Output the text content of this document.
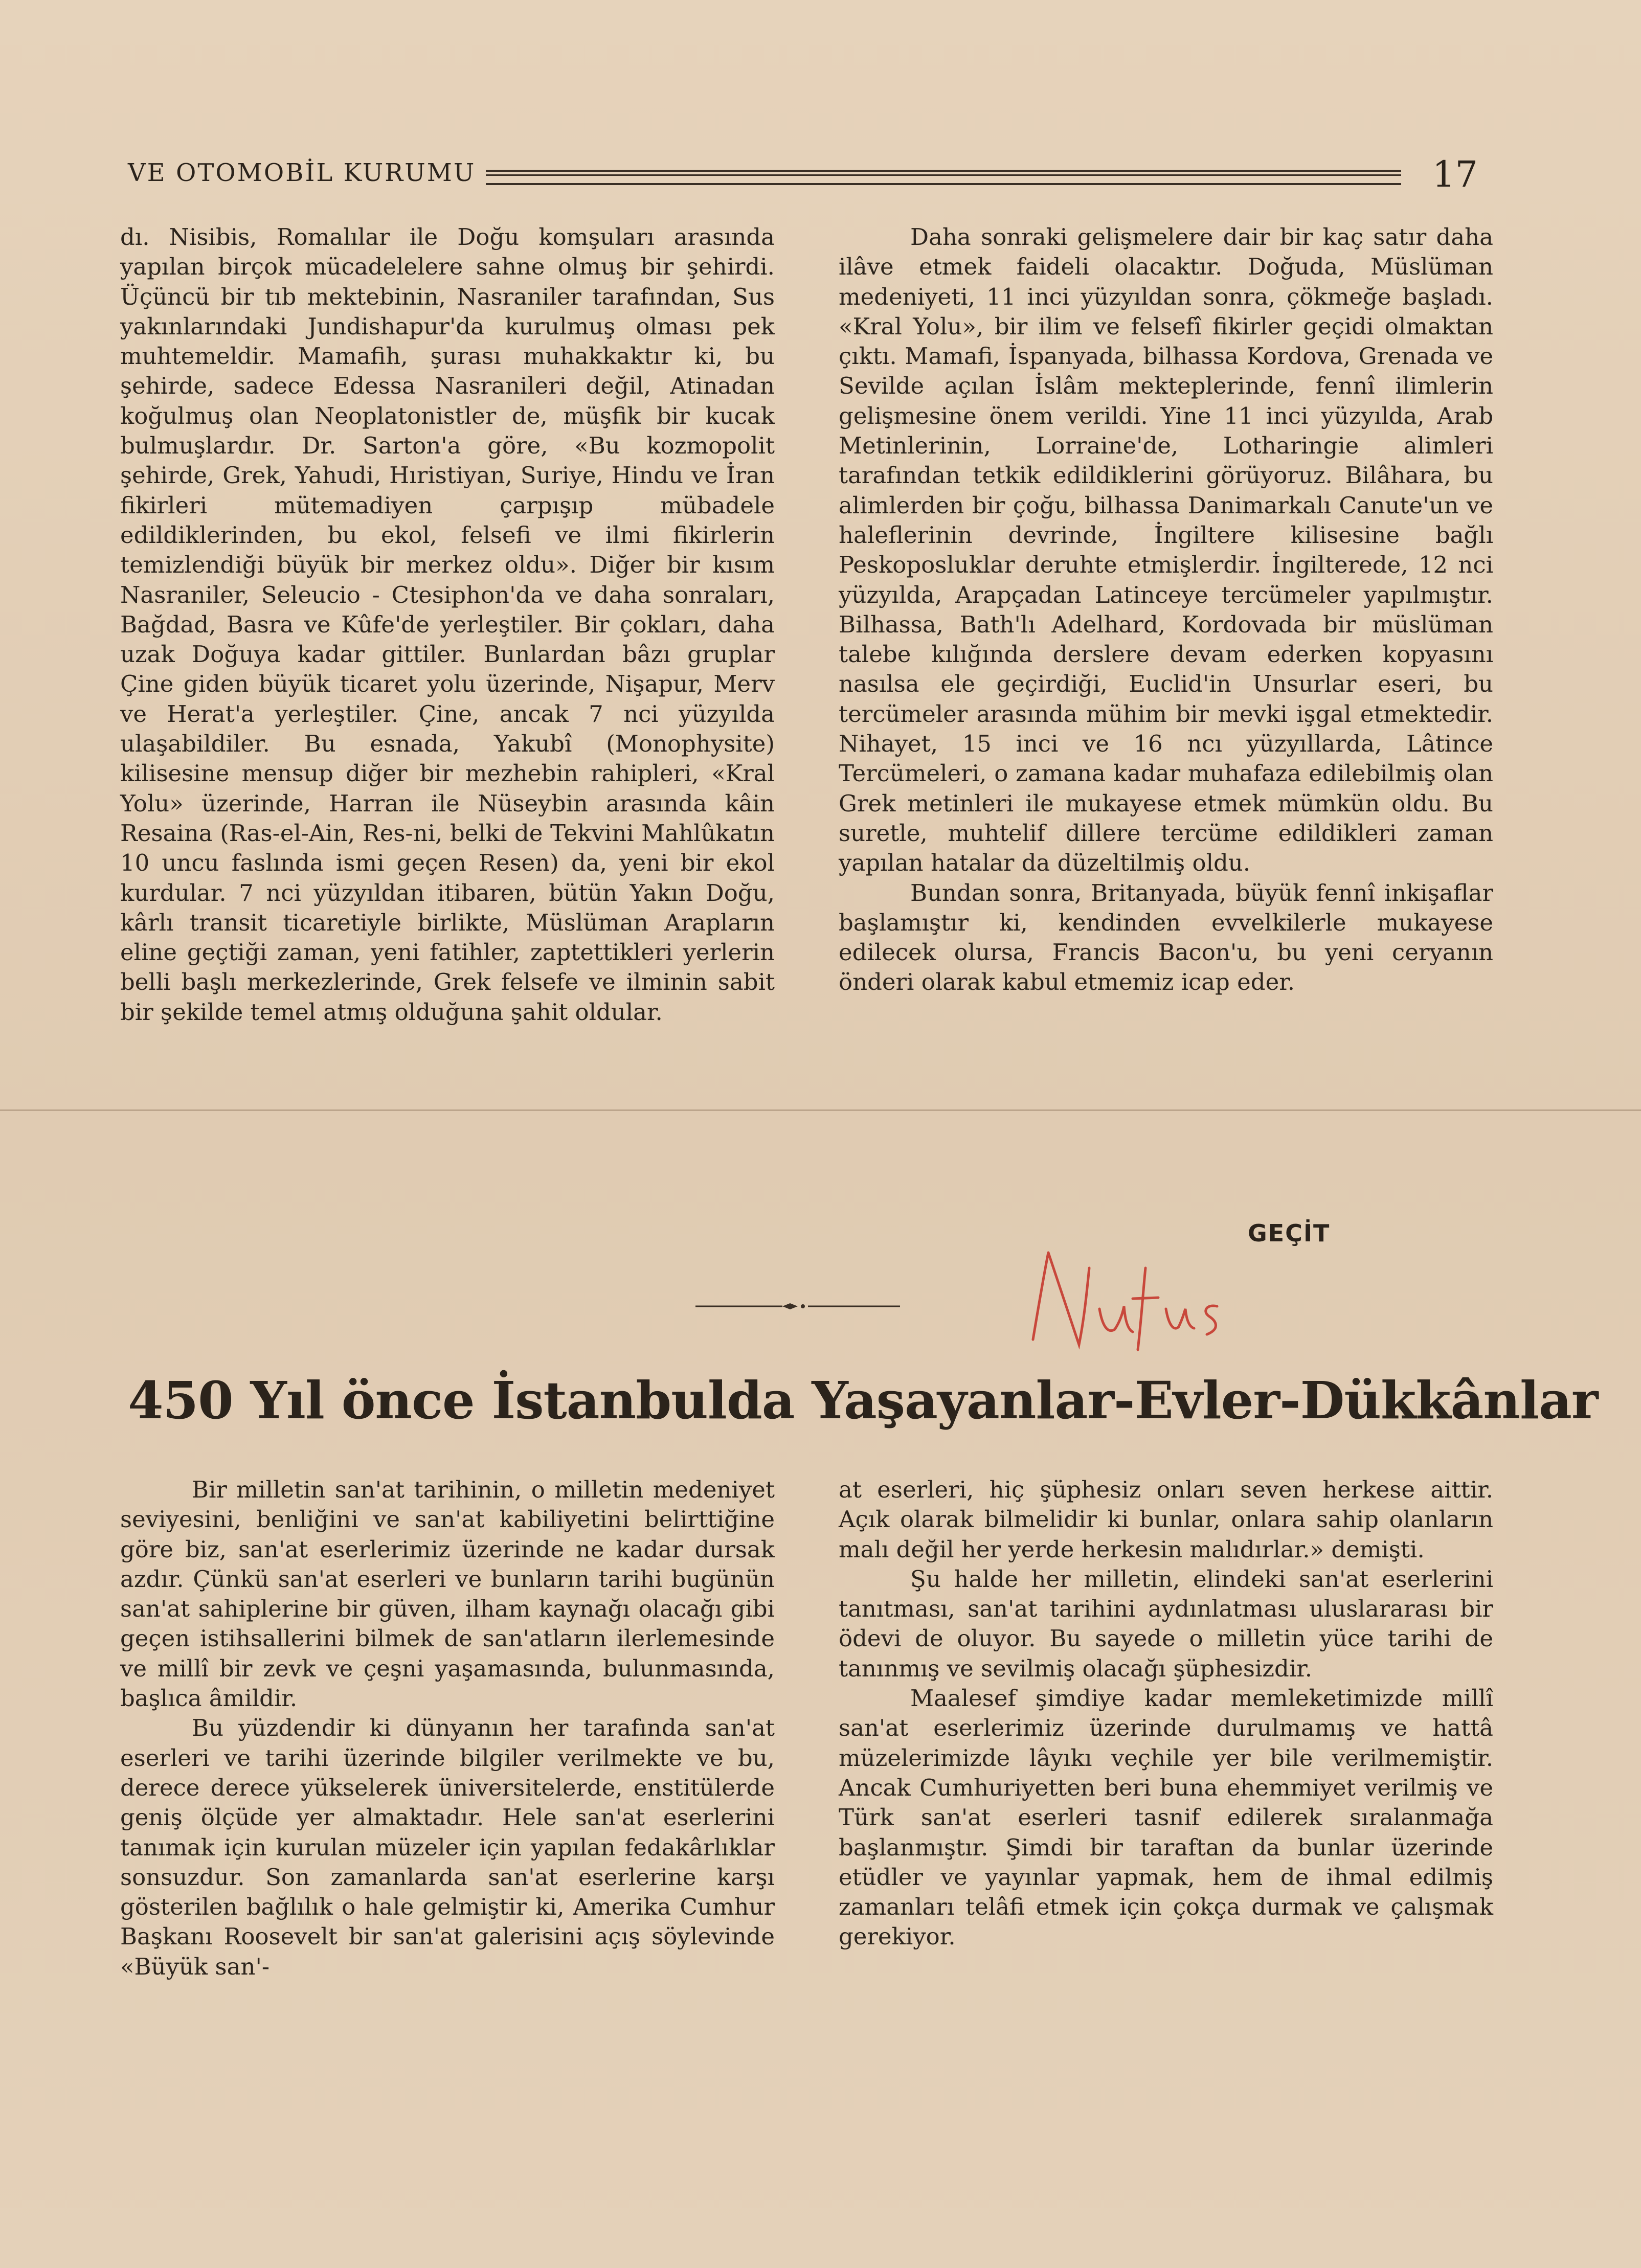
VE OTOMOBİL KURUMU	17

dı. Nisibis, Romalılar ile Doğu komşuları arasında yapılan birçok mücadelelere sahne olmuş bir şehirdi. Üçüncü bir tıb mektebinin, Nasraniler tarafından, Sus yakınlarındaki Jundishapur'da kurulmuş olması pek muhtemeldir. Mamafih, şurası muhakkaktır ki, bu şehirde, sadece Edessa Nasranileri değil, Atinadan koğulmuş olan Neoplatonistler de, müşfik bir kucak bulmuşlardır. Dr. Sarton'a göre, «Bu kozmopolit şehirde, Grek, Yahudi, Hıristiyan, Suriye, Hindu ve İran fikirleri mütemadiyen çarpışıp mübadele edildiklerinden, bu ekol, felsefi ve ilmi fikirlerin temizlendiği büyük bir merkez oldu». Diğer bir kısım Nasraniler, Seleucio - Ctesiphon'da ve daha sonraları, Bağdad, Basra ve Kûfe'de yerleştiler. Bir çokları, daha uzak Doğuya kadar gittiler. Bunlardan bâzı gruplar Çine giden büyük ticaret yolu üzerinde, Nişapur, Merv ve Herat'a yerleştiler. Çine, ancak 7 nci yüzyılda ulaşabildiler. Bu esnada, Yakubî (Monophysite) kilisesine mensup diğer bir mezhebin rahipleri, «Kral Yolu» üzerinde, Harran ile Nüseybin arasında kâin Resaina (Ras-el-Ain, Res-ni, belki de Tekvini Mahlûkatın 10 uncu faslında ismi geçen Resen) da, yeni bir ekol kurdular. 7 nci yüzyıldan itibaren, bütün Yakın Doğu, kârlı transit ticaretiyle birlikte, Müslüman Arapların eline geçtiği zaman, yeni fatihler, zaptettikleri yerlerin belli başlı merkezlerinde, Grek felsefe ve ilminin sabit bir şekilde temel atmış olduğuna şahit oldular.

Daha sonraki gelişmelere dair bir kaç satır daha ilâve etmek faideli olacaktır. Doğuda, Müslüman medeniyeti, 11 inci yüzyıldan sonra, çökmeğe başladı. «Kral Yolu», bir ilim ve felsefî fikirler geçidi olmaktan çıktı. Mamafi, İspanyada, bilhassa Kordova, Grenada ve Sevilde açılan İslâm mekteplerinde, fennî ilimlerin gelişmesine önem verildi. Yine 11 inci yüzyılda, Arab Metinlerinin, Lorraine'de, Lotharingie alimleri tarafından tetkik edildiklerini görüyoruz. Bilâhara, bu alimlerden bir çoğu, bilhassa Danimarkalı Canute'un ve haleflerinin devrinde, İngiltere kilisesine bağlı Peskoposluklar deruhte etmişlerdir. İngilterede, 12 nci yüzyılda, Arapçadan Latinceye tercümeler yapılmıştır. Bilhassa, Bath'lı Adelhard, Kordovada bir müslüman talebe kılığında derslere devam ederken kopyasını nasılsa ele geçirdiği, Euclid'in Unsurlar eseri, bu tercümeler arasında mühim bir mevki işgal etmektedir. Nihayet, 15 inci ve 16 ncı yüzyıllarda, Lâtince Tercümeleri, o zamana kadar muhafaza edilebilmiş olan Grek metinleri ile mukayese etmek mümkün oldu. Bu suretle, muhtelif dillere tercüme edildikleri zaman yapılan hatalar da düzeltilmiş oldu.

Bundan sonra, Britanyada, büyük fennî inkişaflar başlamıştır ki, kendinden evvelkilerle mukayese edilecek olursa, Francis Bacon'u, bu yeni ceryanın önderi olarak kabul etmemiz icap eder.

GEÇİT
450 Yıl önce İstanbulda Yaşayanlar-Evler-Dükkânlar

Bir milletin san'at tarihinin, o milletin medeniyet seviyesini, benliğini ve san'at kabiliyetini belirttiğine göre biz, san'at eserlerimiz üzerinde ne kadar dursak azdır. Çünkü san'at eserleri ve bunların tarihi bugünün san'at sahiplerine bir güven, ilham kaynağı olacağı gibi geçen istihsallerini bilmek de san'atların ilerlemesinde ve millî bir zevk ve çeşni yaşamasında, bulunmasında, başlıca âmildir.

Bu yüzdendir ki dünyanın her tarafında san'at eserleri ve tarihi üzerinde bilgiler verilmekte ve bu, derece derece yükselerek üniversitelerde, enstitülerde geniş ölçüde yer almaktadır. Hele san'at eserlerini tanımak için kurulan müzeler için yapılan fedakârlıklar sonsuzdur. Son zamanlarda san'at eserlerine karşı gösterilen bağlılık o hale gelmiştir ki, Amerika Cumhur Başkanı Roosevelt bir san'at galerisini açış söylevinde «Büyük san'-

at eserleri, hiç şüphesiz onları seven herkese aittir. Açık olarak bilmelidir ki bunlar, onlara sahip olanların malı değil her yerde herkesin malıdırlar.» demişti.

Şu halde her milletin, elindeki san'at eserlerini tanıtması, san'at tarihini aydınlatması uluslararası bir ödevi de oluyor. Bu sayede o milletin yüce tarihi de tanınmış ve sevilmiş olacağı şüphesizdir.

Maalesef şimdiye kadar memleketimizde millî san'at eserlerimiz üzerinde durulmamış ve hattâ müzelerimizde lâyıkı veçhile yer bile verilmemiştir. Ancak Cumhuriyetten beri buna ehemmiyet verilmiş ve Türk san'at eserleri tasnif edilerek sıralanmağa başlanmıştır. Şimdi bir taraftan da bunlar üzerinde etüdler ve yayınlar yapmak, hem de ihmal edilmiş zamanları telâfi etmek için çokça durmak ve çalışmak gerekiyor.
